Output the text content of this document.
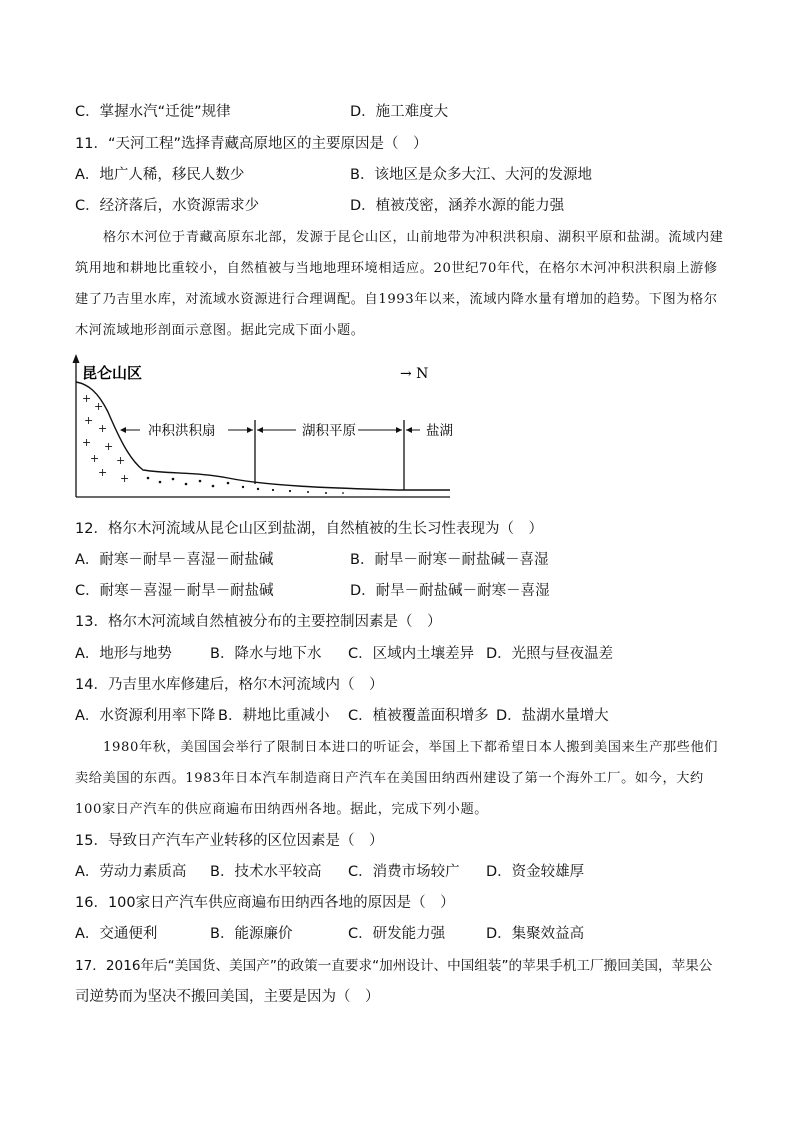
C．掌握水汽“迁徙”规律	D．施工难度大
11．“天河工程”选择青藏高原地区的主要原因是（　）
A．地广人稀，移民人数少	B．该地区是众多大江、大河的发源地
C．经济落后，水资源需求少	D．植被茂密，涵养水源的能力强

格尔木河位于青藏高原东北部，发源于昆仑山区，山前地带为冲积洪积扇、湖积平原和盐湖。流域内建筑用地和耕地比重较小，自然植被与当地地理环境相适应。20世纪70年代，在格尔木河冲积洪积扇上游修建了乃吉里水库，对流域水资源进行合理调配。自1993年以来，流域内降水量有增加的趋势。下图为格尔木河流域地形剖面示意图。据此完成下面小题。

+
+
+
+
+ +
+ +
+ +
昆仑山区	→ N
冲积洪积扇	湖积平原	盐湖
12．格尔木河流域从昆仑山区到盐湖，自然植被的生长习性表现为（　）
A．耐寒－耐旱－喜湿－耐盐碱	B．耐旱－耐寒－耐盐碱－喜湿
C．耐寒－喜湿－耐旱－耐盐碱	D．耐旱－耐盐碱－耐寒－喜湿
13．格尔木河流域自然植被分布的主要控制因素是（　）
A．地形与地势	B．降水与地下水 C．区域内土壤差异 D．光照与昼夜温差
14．乃吉里水库修建后，格尔木河流域内（　）
A．水资源利用率下降 B．耕地比重减小 C．植被覆盖面积增多 D．盐湖水量增大

1980年秋，美国国会举行了限制日本进口的听证会，举国上下都希望日本人搬到美国来生产那些他们卖给美国的东西。1983年日本汽车制造商日产汽车在美国田纳西州建设了第一个海外工厂。如今，大约100家日产汽车的供应商遍布田纳西州各地。据此，完成下列小题。

15．导致日产汽车产业转移的区位因素是（　）
A．劳动力素质高 B．技术水平较高 C．消费市场较广 D．资金较雄厚
16．100家日产汽车供应商遍布田纳西各地的原因是（　）
A．交通便利	B．能源廉价	C．研发能力强	D．集聚效益高
17．2016年后“美国货、美国产”的政策一直要求“加州设计、中国组装”的苹果手机工厂搬回美国，苹果公
司逆势而为坚决不搬回美国，主要是因为（　）
